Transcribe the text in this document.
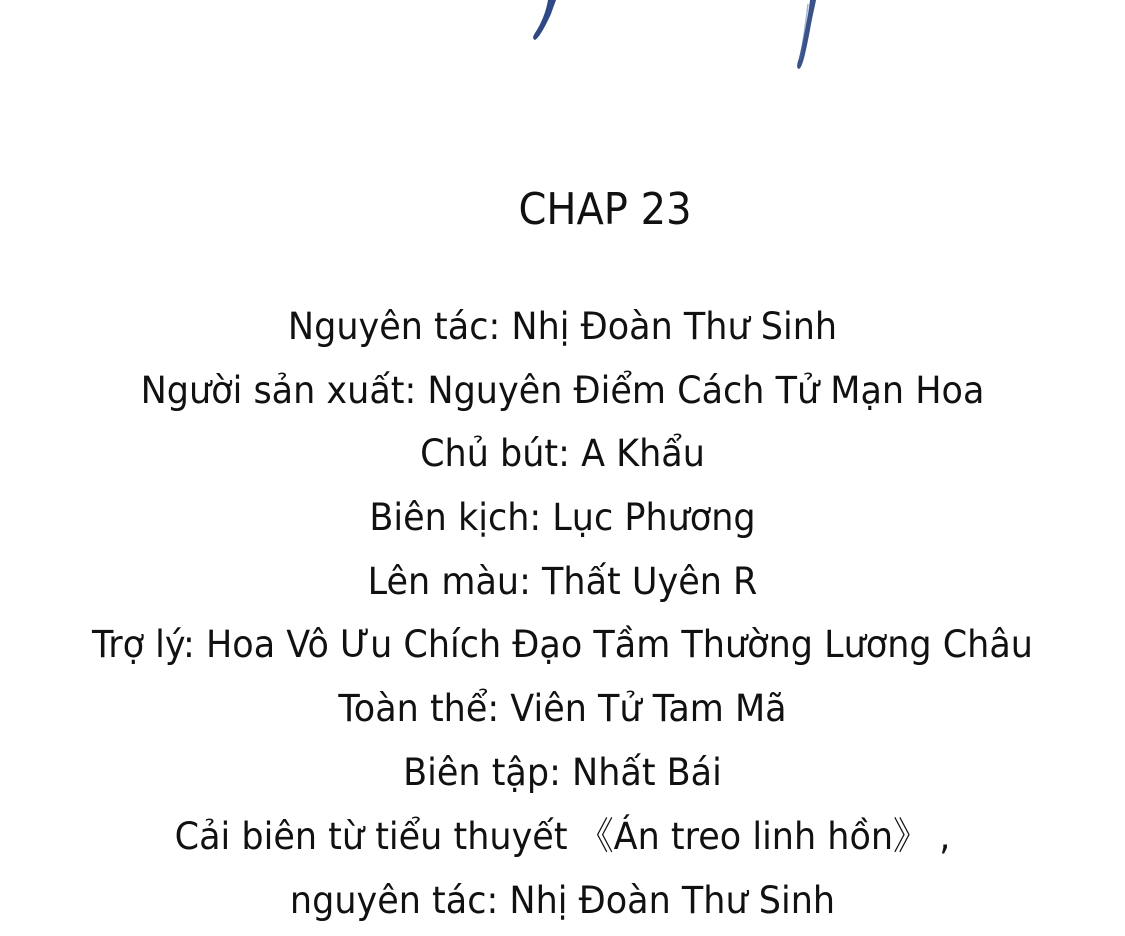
CHAP 23
Nguyên tác: Nhị Đoàn Thư Sinh
Người sản xuất: Nguyên Điểm Cách Tử Mạn Hoa
Chủ bút: A Khẩu
Biên kịch: Lục Phương
Lên màu: Thất Uyên R
Trợ lý: Hoa Vô Ưu Chích Đạo Tầm Thường Lương Châu
Toàn thể: Viên Tử Tam Mã
Biên tập: Nhất Bái
Cải biên từ tiểu thuyết 《Án treo linh hồn》 ,
nguyên tác: Nhị Đoàn Thư Sinh
